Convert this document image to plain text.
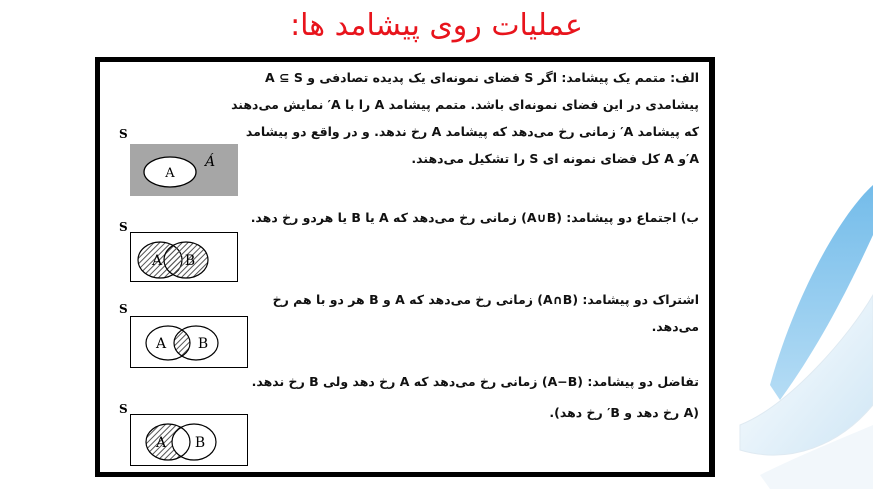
عملیات روی پیشامد ها:
الف: متمم یک پیشامد: اگر S فضای نمونه‌ای یک پدیده تصادفی و A ⊆ S
پیشامدی در این فضای نمونه‌ای باشد. متمم پیشامد A را با A′ نمایش می‌دهند
که پیشامد A′ زمانی رخ می‌دهد که پیشامد A رخ ندهد. و در واقع دو پیشامد
A′و A کل فضای نمونه ای S را تشکیل می‌دهند.
S
A
Á
ب) اجتماع دو پیشامد: (A∪B) زمانی رخ می‌دهد که A یا B یا هردو رخ دهد.
S
A B
اشتراک دو پیشامد: (A∩B) زمانی رخ می‌دهد که A و B هر دو با هم رخ
می‌دهد.
S
A B
تفاضل دو پیشامد: (A−B) زمانی رخ می‌دهد که A رخ دهد ولی B رخ ندهد.
(A رخ دهد و B′ رخ دهد).
S
A B
